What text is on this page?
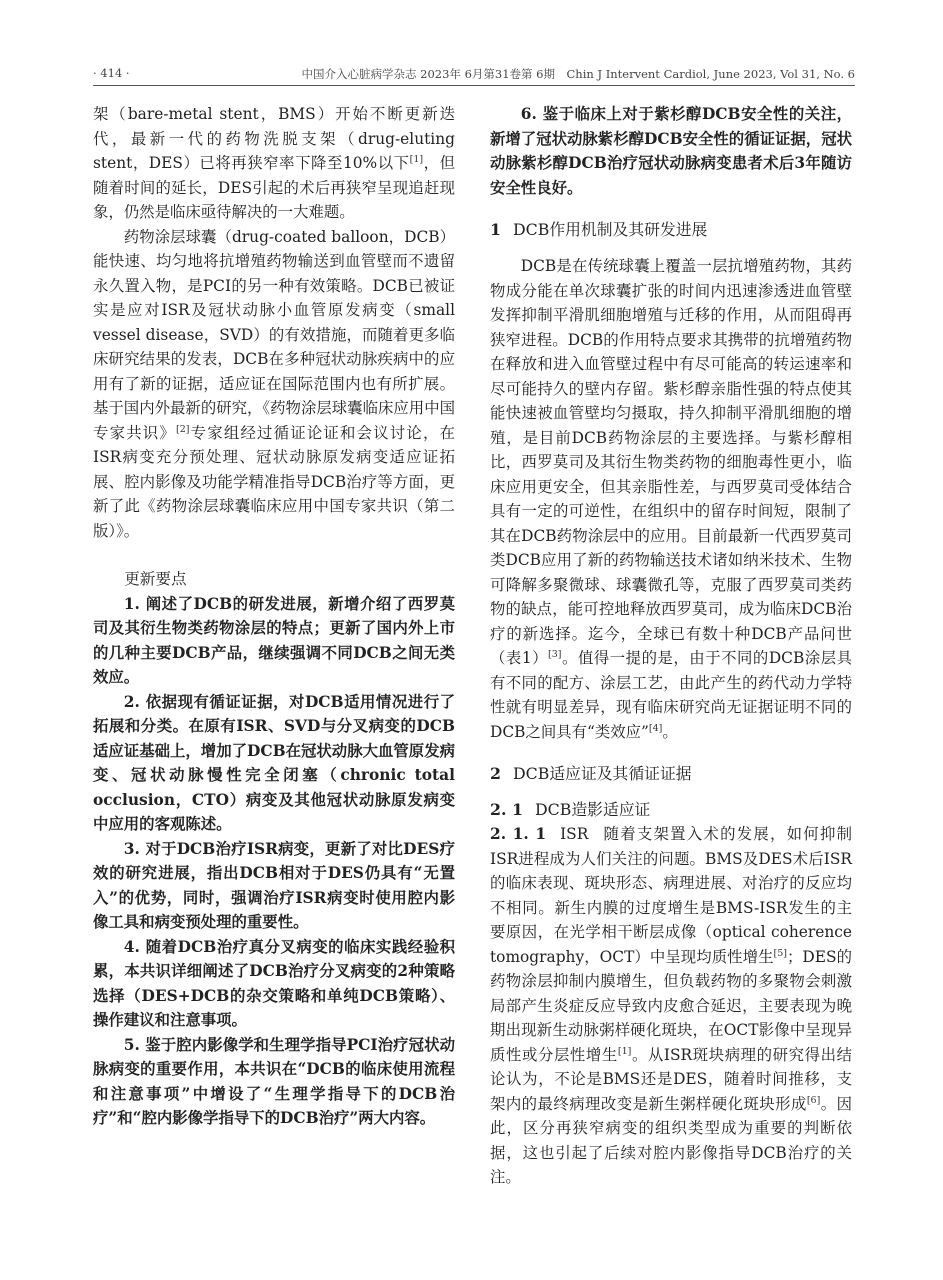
· 414 ·	中国介入心脏病学杂志 2023年 6月第31卷第 6期　Chin J Intervent Cardiol, June 2023, Vol 31, No. 6

架（bare-metal stent，BMS）开始不断更新迭代，最新一代的药物洗脱支架（drug-eluting stent，DES）已将再狭窄率下降至10%以下[1]，但随着时间的延长，DES引起的术后再狭窄呈现追赶现象，仍然是临床亟待解决的一大难题。

药物涂层球囊（drug-coated balloon，DCB）能快速、均匀地将抗增殖药物输送到血管壁而不遗留永久置入物，是PCI的另一种有效策略。DCB已被证实是应对ISR及冠状动脉小血管原发病变（small vessel disease，SVD）的有效措施，而随着更多临床研究结果的发表，DCB在多种冠状动脉疾病中的应用有了新的证据，适应证在国际范围内也有所扩展。基于国内外最新的研究，《药物涂层球囊临床应用中国专家共识》[2]专家组经过循证论证和会议讨论，在ISR病变充分预处理、冠状动脉原发病变适应证拓展、腔内影像及功能学精准指导DCB治疗等方面，更新了此《药物涂层球囊临床应用中国专家共识（第二版）》。

更新要点

1. 阐述了DCB的研发进展，新增介绍了西罗莫司及其衍生物类药物涂层的特点；更新了国内外上市的几种主要DCB产品，继续强调不同DCB之间无类效应。

2. 依据现有循证证据，对DCB适用情况进行了拓展和分类。在原有ISR、SVD与分叉病变的DCB适应证基础上，增加了DCB在冠状动脉大血管原发病变、冠状动脉慢性完全闭塞（chronic total occlusion，CTO）病变及其他冠状动脉原发病变中应用的客观陈述。

3. 对于DCB治疗ISR病变，更新了对比DES疗效的研究进展，指出DCB相对于DES仍具有“无置入”的优势，同时，强调治疗ISR病变时使用腔内影像工具和病变预处理的重要性。

4. 随着DCB治疗真分叉病变的临床实践经验积累，本共识详细阐述了DCB治疗分叉病变的2种策略选择（DES+DCB的杂交策略和单纯DCB策略）、操作建议和注意事项。

5. 鉴于腔内影像学和生理学指导PCI治疗冠状动脉病变的重要作用，本共识在“DCB的临床使用流程和注意事项”中增设了“生理学指导下的DCB治疗”和“腔内影像学指导下的DCB治疗”两大内容。

6. 鉴于临床上对于紫杉醇DCB安全性的关注，新增了冠状动脉紫杉醇DCB安全性的循证证据，冠状动脉紫杉醇DCB治疗冠状动脉病变患者术后3年随访安全性良好。

1 DCB作用机制及其研发进展

DCB是在传统球囊上覆盖一层抗增殖药物，其药物成分能在单次球囊扩张的时间内迅速渗透进血管壁发挥抑制平滑肌细胞增殖与迁移的作用，从而阻碍再狭窄进程。DCB的作用特点要求其携带的抗增殖药物在释放和进入血管壁过程中有尽可能高的转运速率和尽可能持久的壁内存留。紫杉醇亲脂性强的特点使其能快速被血管壁均匀摄取，持久抑制平滑肌细胞的增殖，是目前DCB药物涂层的主要选择。与紫杉醇相比，西罗莫司及其衍生物类药物的细胞毒性更小，临床应用更安全，但其亲脂性差，与西罗莫司受体结合具有一定的可逆性，在组织中的留存时间短，限制了其在DCB药物涂层中的应用。目前最新一代西罗莫司类DCB应用了新的药物输送技术诸如纳米技术、生物可降解多聚微球、球囊微孔等，克服了西罗莫司类药物的缺点，能可控地释放西罗莫司，成为临床DCB治疗的新选择。迄今，全球已有数十种DCB产品问世（表1）[3]。值得一提的是，由于不同的DCB涂层具有不同的配方、涂层工艺，由此产生的药代动力学特性就有明显差异，现有临床研究尚无证据证明不同的DCB之间具有“类效应”[4]。

2 DCB适应证及其循证证据

2. 1 DCB造影适应证

2. 1. 1 ISR 随着支架置入术的发展，如何抑制ISR进程成为人们关注的问题。BMS及DES术后ISR的临床表现、斑块形态、病理进展、对治疗的反应均不相同。新生内膜的过度增生是BMS-ISR发生的主要原因，在光学相干断层成像（optical coherence tomography，OCT）中呈现均质性增生[5]；DES的药物涂层抑制内膜增生，但负载药物的多聚物会刺激局部产生炎症反应导致内皮愈合延迟，主要表现为晚期出现新生动脉粥样硬化斑块，在OCT影像中呈现异质性或分层性增生[1]。从ISR斑块病理的研究得出结论认为，不论是BMS还是DES，随着时间推移，支架内的最终病理改变是新生粥样硬化斑块形成[6]。因此，区分再狭窄病变的组织类型成为重要的判断依据，这也引起了后续对腔内影像指导DCB治疗的关注。
